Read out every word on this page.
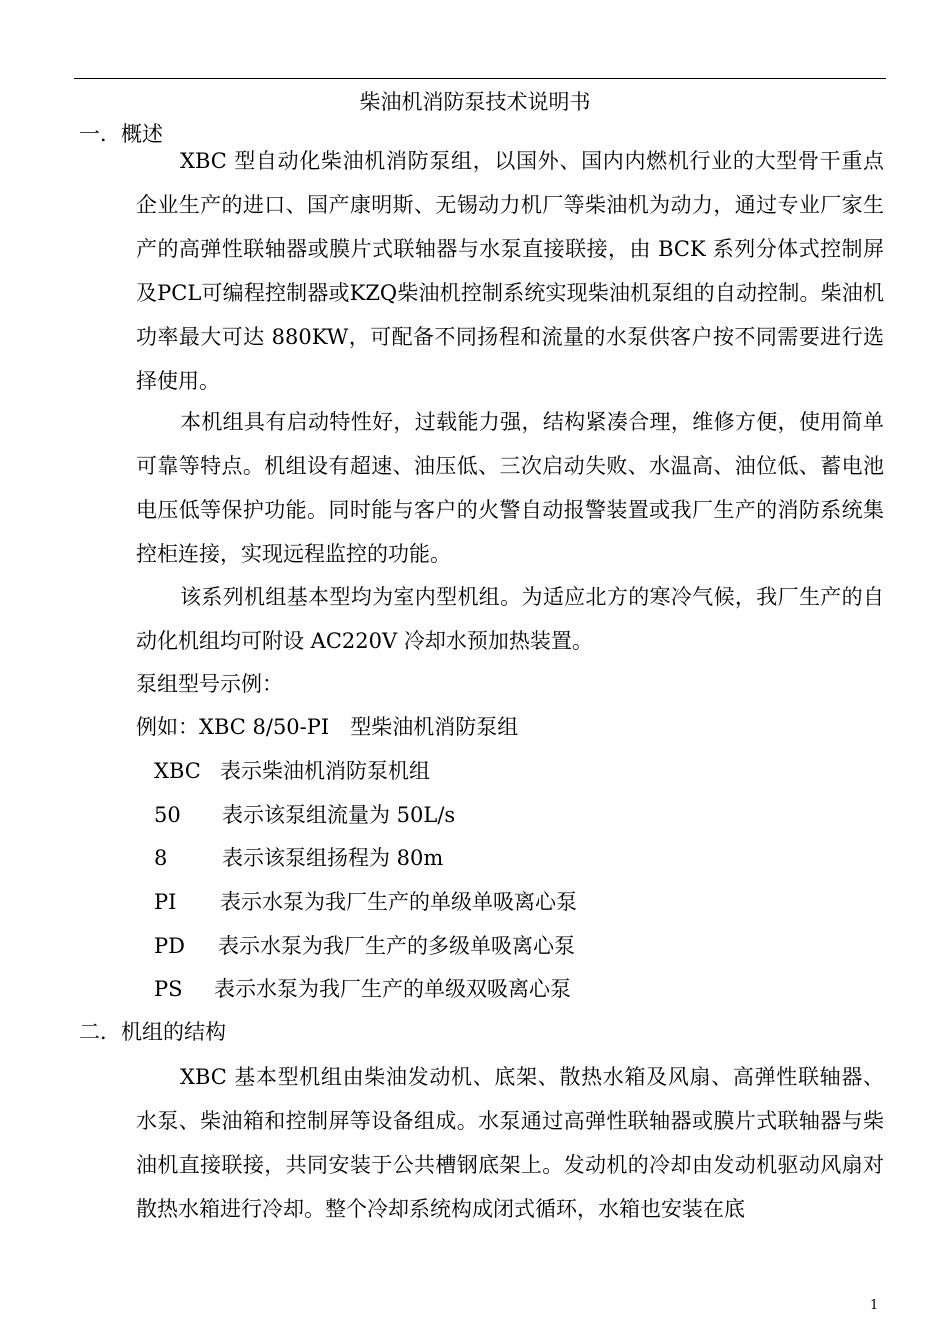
柴油机消防泵技术说明书
一．概述
XBC 型自动化柴油机消防泵组，以国外、国内内燃机行业的大型骨干重点企业生产的进口、国产康明斯、无锡动力机厂等柴油机为动力，通过专业厂家生产的高弹性联轴器或膜片式联轴器与水泵直接联接，由 BCK 系列分体式控制屏及PCL可编程控制器或KZQ柴油机控制系统实现柴油机泵组的自动控制。柴油机功率最大可达 880KW，可配备不同扬程和流量的水泵供客户按不同需要进行选择使用。
本机组具有启动特性好，过载能力强，结构紧凑合理，维修方便，使用简单可靠等特点。机组设有超速、油压低、三次启动失败、水温高、油位低、蓄电池电压低等保护功能。同时能与客户的火警自动报警装置或我厂生产的消防系统集控柜连接，实现远程监控的功能。
该系列机组基本型均为室内型机组。为适应北方的寒冷气候，我厂生产的自动化机组均可附设 AC220V 冷却水预加热装置。
泵组型号示例：
例如：XBC 8/50-PI　型柴油机消防泵组
XBC 表示柴油机消防泵机组
50 表示该泵组流量为 50L/s
8	表示该泵组扬程为 80m
PI 表示水泵为我厂生产的单级单吸离心泵
PD 表示水泵为我厂生产的多级单吸离心泵
PS 表示水泵为我厂生产的单级双吸离心泵
二．机组的结构
XBC 基本型机组由柴油发动机、底架、散热水箱及风扇、高弹性联轴器、水泵、柴油箱和控制屏等设备组成。水泵通过高弹性联轴器或膜片式联轴器与柴油机直接联接，共同安装于公共槽钢底架上。发动机的冷却由发动机驱动风扇对散热水箱进行冷却。整个冷却系统构成闭式循环，水箱也安装在底
1
